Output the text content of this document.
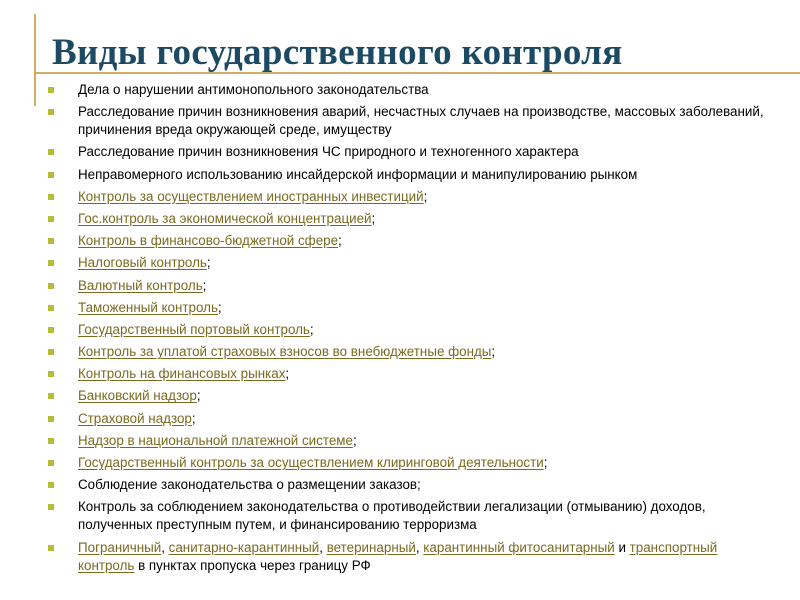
Виды государственного контроля
Дела о нарушении антимонопольного законодательства
Расследование причин возникновения аварий, несчастных случаев на производстве, массовых заболеваний, причинения вреда окружающей среде, имуществу
Расследование причин возникновения ЧС природного и техногенного характера
Неправомерного использованию инсайдерской информации и манипулированию рынком
Контроль за осуществлением иностранных инвестиций;
Гос.контроль за экономической концентрацией;
Контроль в финансово-бюджетной сфере;
Налоговый контроль;
Валютный контроль;
Таможенный контроль;
Государственный портовый контроль;
Контроль за уплатой страховых взносов во внебюджетные фонды;
Контроль на финансовых рынках;
Банковский надзор;
Страховой надзор;
Надзор в национальной платежной системе;
Государственный контроль за осуществлением клиринговой деятельности;
Соблюдение законодательства о размещении заказов;
Контроль за соблюдением законодательства о противодействии легализации (отмыванию) доходов, полученных преступным путем, и финансированию терроризма
Пограничный, санитарно-карантинный, ветеринарный, карантинный фитосанитарный и транспортный контроль в пунктах пропуска через границу РФ
